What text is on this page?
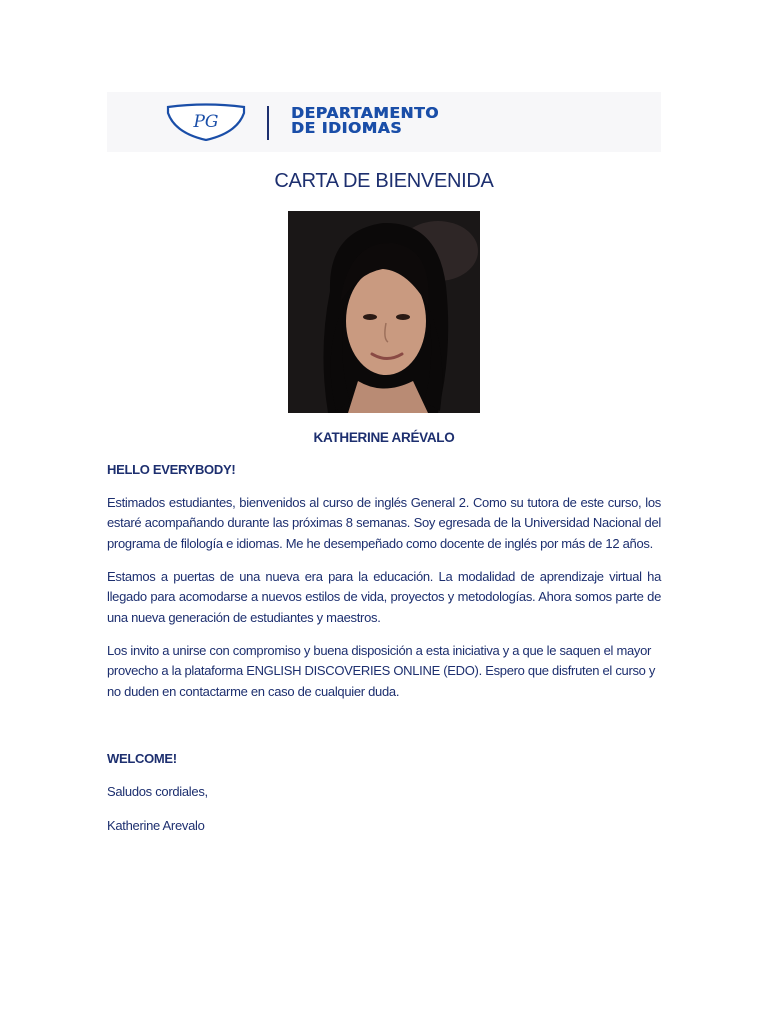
PG	DEPARTAMENTO
DE IDIOMAS

CARTA DE BIENVENIDA

KATHERINE ARÉVALO

HELLO EVERYBODY!

Estimados estudiantes, bienvenidos al curso de inglés General 2. Como su tutora de este curso, los estaré acompañando durante las próximas 8 semanas. Soy egresada de la Universidad Nacional del programa de filología e idiomas. Me he desempeñado como docente de inglés por más de 12 años.

Estamos a puertas de una nueva era para la educación. La modalidad de aprendizaje virtual ha llegado para acomodarse a nuevos estilos de vida, proyectos y metodologías. Ahora somos parte de una nueva generación de estudiantes y maestros.

Los invito a unirse con compromiso y buena disposición a esta iniciativa y a que le saquen el mayor provecho a la plataforma ENGLISH DISCOVERIES ONLINE (EDO). Espero que disfruten el curso y no duden en contactarme en caso de cualquier duda.

WELCOME!

Saludos cordiales,

Katherine Arevalo
